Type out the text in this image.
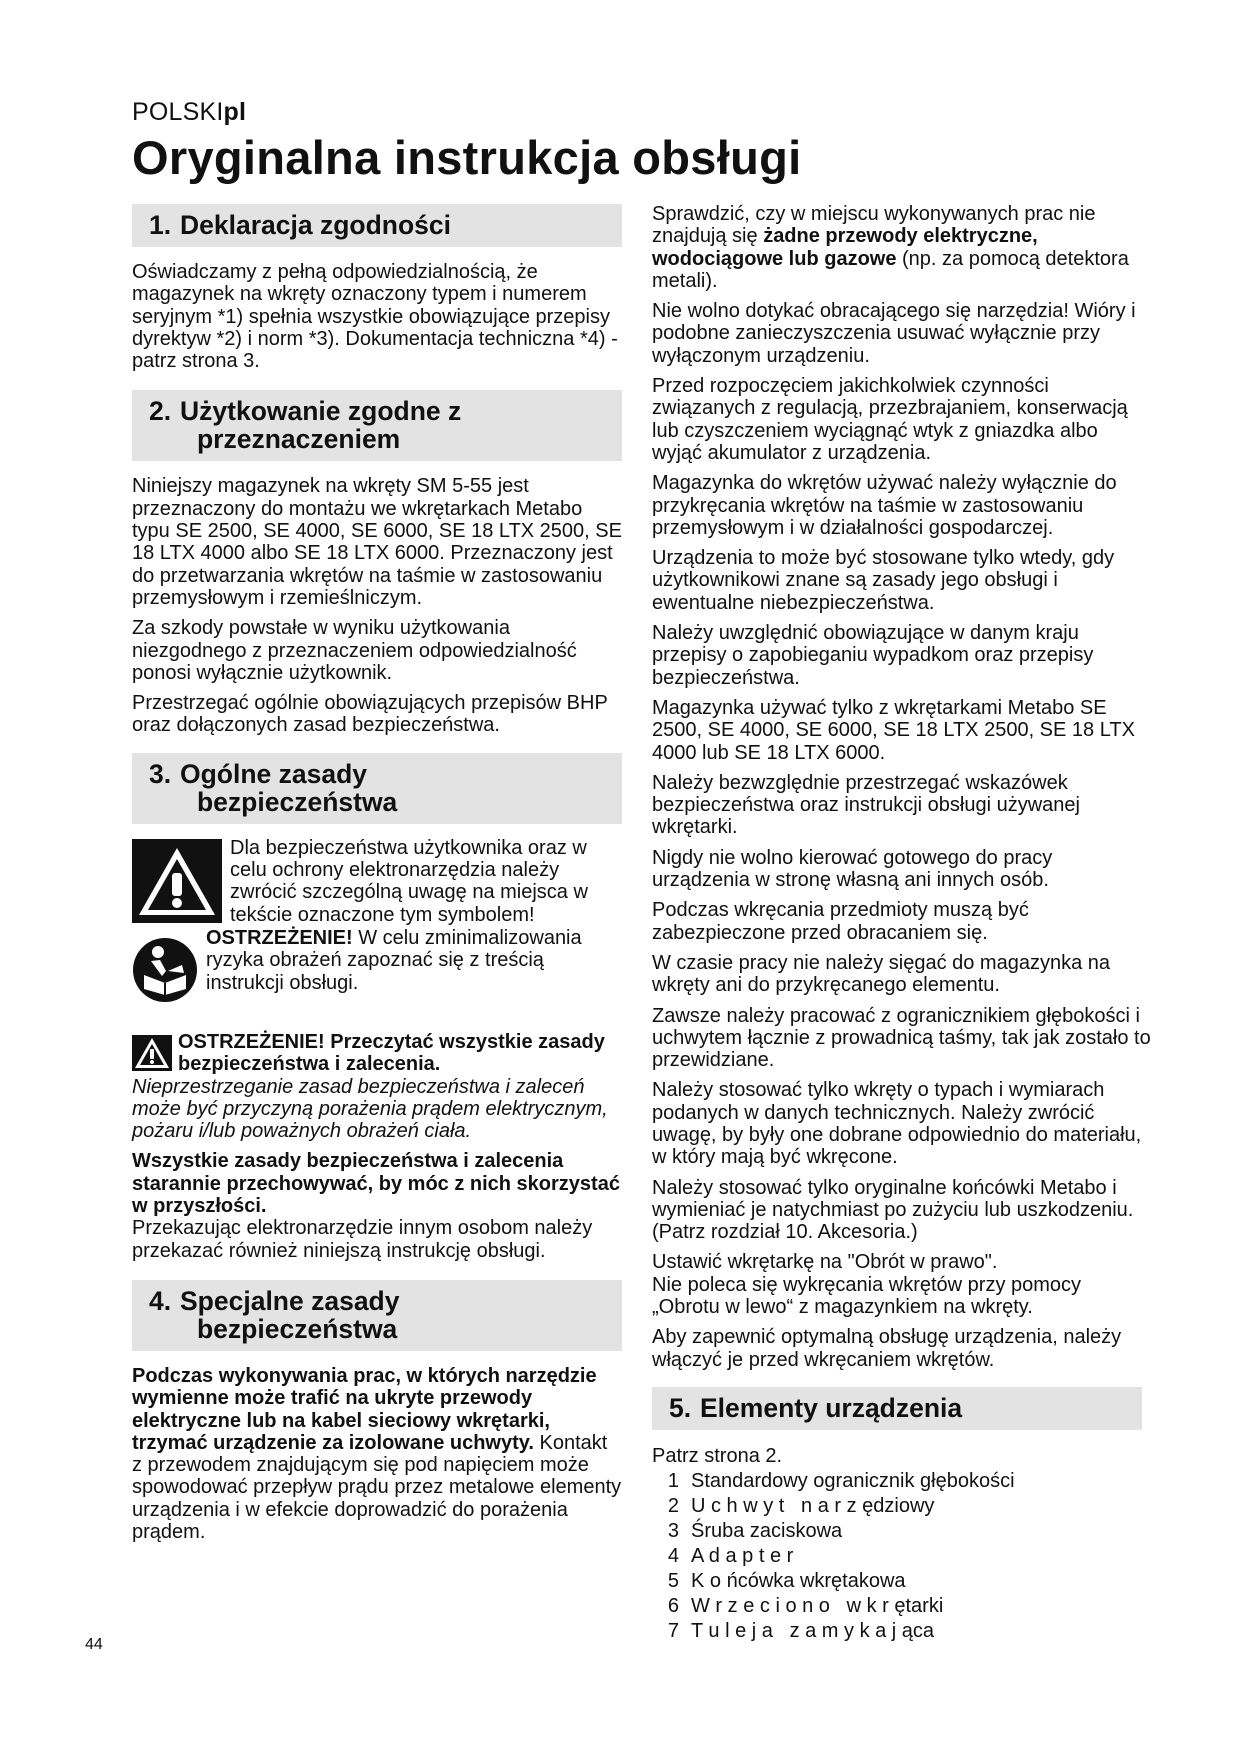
POLSKIpl
Oryginalna instrukcja obsługi
1. Deklaracja zgodności

Oświadczamy z pełną odpowiedzialnością, że magazynek na wkręty oznaczony typem i numerem seryjnym *1) spełnia wszystkie obowiązujące przepisy dyrektyw *2) i norm *3). Dokumentacja techniczna *4) - patrz strona 3.

2. Użytkowanie zgodne z
przeznaczeniem

Niniejszy magazynek na wkręty SM 5-55 jest przeznaczony do montażu we wkrętarkach Metabo typu SE 2500, SE 4000, SE 6000, SE 18 LTX 2500, SE 18 LTX 4000 albo SE 18 LTX 6000. Przeznaczony jest do przetwarzania wkrętów na taśmie w zastosowaniu przemysłowym i rzemieślniczym.

Za szkody powstałe w wyniku użytkowania niezgodnego z przeznaczeniem odpowiedzialność ponosi wyłącznie użytkownik.

Przestrzegać ogólnie obowiązujących przepisów BHP oraz dołączonych zasad bezpieczeństwa.

3. Ogólne zasady
bezpieczeństwa

Dla bezpieczeństwa użytkownika oraz w celu ochrony elektronarzędzia należy zwrócić szczególną uwagę na miejsca w tekście oznaczone tym symbolem!

OSTRZEŻENIE! W celu zminimalizowania ryzyka obrażeń zapoznać się z treścią instrukcji obsługi.

OSTRZEŻENIE! Przeczytać wszystkie zasady bezpieczeństwa i zalecenia.

Nieprzestrzeganie zasad bezpieczeństwa i zaleceń może być przyczyną porażenia prądem elektrycznym, pożaru i/lub poważnych obrażeń ciała.

Wszystkie zasady bezpieczeństwa i zalecenia starannie przechowywać, by móc z nich skorzystać w przyszłości.

Przekazując elektronarzędzie innym osobom należy przekazać również niniejszą instrukcję obsługi.

4. Specjalne zasady
bezpieczeństwa

Podczas wykonywania prac, w których narzędzie wymienne może trafić na ukryte przewody elektryczne lub na kabel sieciowy wkrętarki, trzymać urządzenie za izolowane uchwyty. Kontakt z przewodem znajdującym się pod napięciem może spowodować przepływ prądu przez metalowe elementy urządzenia i w efekcie doprowadzić do porażenia prądem.

Sprawdzić, czy w miejscu wykonywanych prac nie znajdują się żadne przewody elektryczne, wodociągowe lub gazowe (np. za pomocą detektora metali).

Nie wolno dotykać obracającego się narzędzia! Wióry i podobne zanieczyszczenia usuwać wyłącznie przy wyłączonym urządzeniu.

Przed rozpoczęciem jakichkolwiek czynności związanych z regulacją, przezbrajaniem, konserwacją lub czyszczeniem wyciągnąć wtyk z gniazdka albo wyjąć akumulator z urządzenia.

Magazynka do wkrętów używać należy wyłącznie do przykręcania wkrętów na taśmie w zastosowaniu przemysłowym i w działalności gospodarczej.

Urządzenia to może być stosowane tylko wtedy, gdy użytkownikowi znane są zasady jego obsługi i ewentualne niebezpieczeństwa.

Należy uwzględnić obowiązujące w danym kraju przepisy o zapobieganiu wypadkom oraz przepisy bezpieczeństwa.

Magazynka używać tylko z wkrętarkami Metabo SE 2500, SE 4000, SE 6000, SE 18 LTX 2500, SE 18 LTX 4000 lub SE 18 LTX 6000.

Należy bezwzględnie przestrzegać wskazówek bezpieczeństwa oraz instrukcji obsługi używanej wkrętarki.

Nigdy nie wolno kierować gotowego do pracy urządzenia w stronę własną ani innych osób.

Podczas wkręcania przedmioty muszą być zabezpieczone przed obracaniem się.

W czasie pracy nie należy sięgać do magazynka na wkręty ani do przykręcanego elementu.

Zawsze należy pracować z ogranicznikiem głębokości i uchwytem łącznie z prowadnicą taśmy, tak jak zostało to przewidziane.

Należy stosować tylko wkręty o typach i wymiarach podanych w danych technicznych. Należy zwrócić uwagę, by były one dobrane odpowiednio do materiału, w który mają być wkręcone.

Należy stosować tylko oryginalne końcówki Metabo i wymieniać je natychmiast po zużyciu lub uszkodzeniu. (Patrz rozdział 10. Akcesoria.)

Ustawić wkrętarkę na "Obrót w prawo".
Nie poleca się wykręcania wkrętów przy pomocy „Obrotu w lewo“ z magazynkiem na wkręty.

Aby zapewnić optymalną obsługę urządzenia, należy włączyć je przed wkręcaniem wkrętów.

5. Elementy urządzenia

Patrz strona 2.

1 Standardowy ogranicznik głębokości
2 U c h w y t   n a r z ędziowy
3 Śruba zaciskowa
4 A d a p t e r
5 K o ńcówka wkrętakowa
6 W r z e c i o n o   w k r ętarki
7 T u l e j a   z a m y k a j ąca
44
